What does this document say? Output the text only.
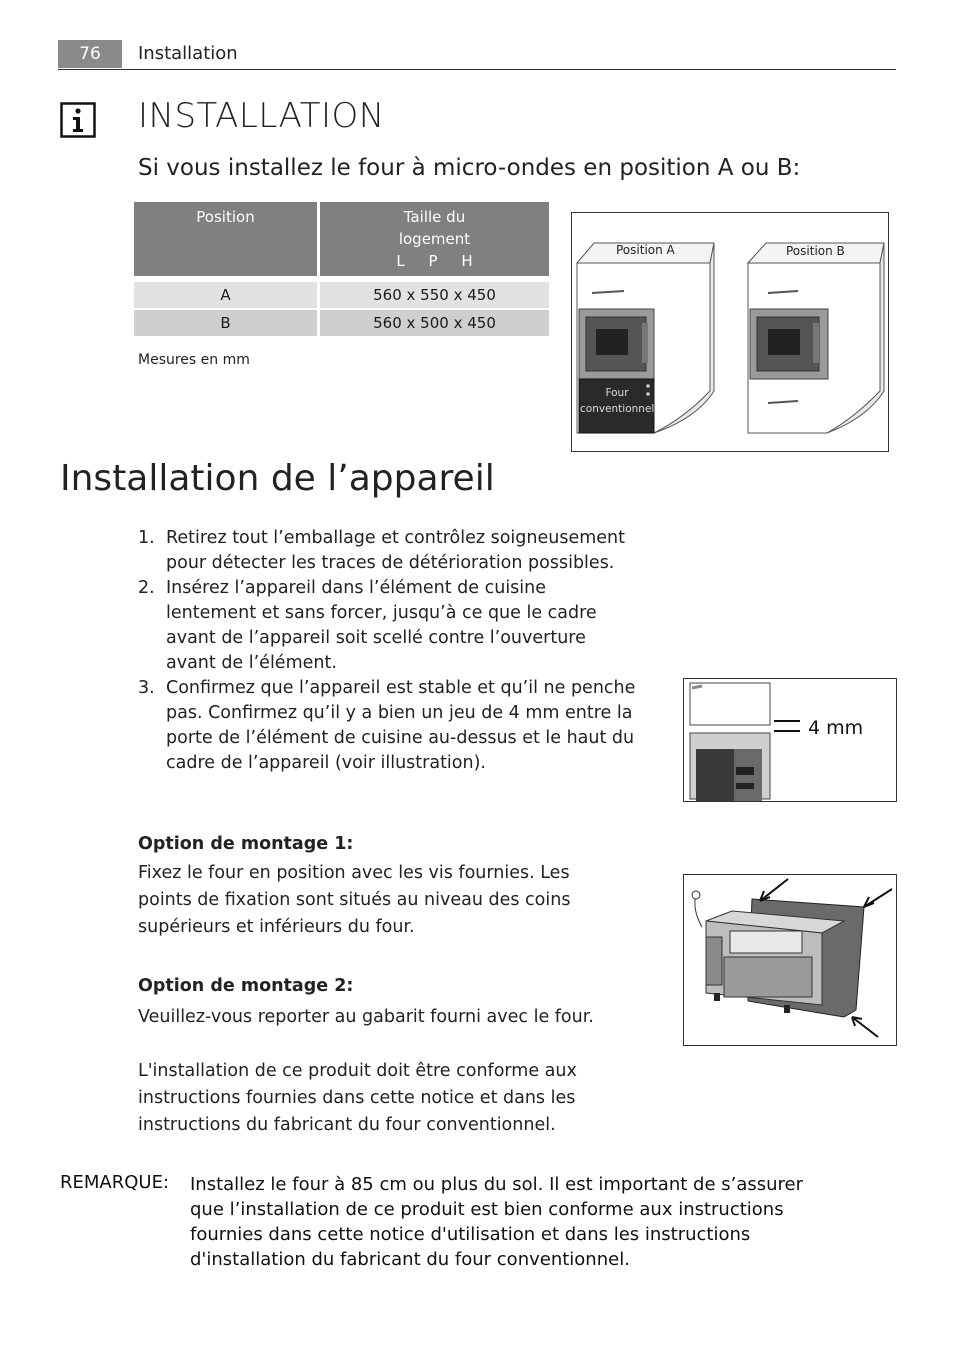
76	Installation
INSTALLATION
Si vous installez le four à micro-ondes en position A ou B:
Position		Taille du
logement
L     P     H

A		560 x 550 x 450

B		560 x 500 x 450
Mesures en mm
Position A	Position B
Four
conventionnel
Installation de l’appareil
1. Retirez tout l’emballage et contrôlez soigneusement pour détecter les traces de détérioration possibles.
2. Insérez l’appareil dans l’élément de cuisine lentement et sans forcer, jusqu’à ce que le cadre avant de l’appareil soit scellé contre l’ouverture avant de l’élément.
3. Confirmez que l’appareil est stable et qu’il ne penche pas. Confirmez qu’il y a bien un jeu de 4 mm entre la porte de l’élément de cuisine au-dessus et le haut du cadre de l’appareil (voir illustration).
4 mm
Option de montage 1:
Fixez le four en position avec les vis fournies. Les points de fixation sont situés au niveau des coins supérieurs et inférieurs du four.
Option de montage 2:
Veuillez-vous reporter au gabarit fourni avec le four.
L'installation de ce produit doit être conforme aux instructions fournies dans cette notice et dans les instructions du fabricant du four conventionnel.
REMARQUE: Installez le four à 85 cm ou plus du sol. Il est important de s’assurer que l’installation de ce produit est bien conforme aux instructions fournies dans cette notice d'utilisation et dans les instructions d'installation du fabricant du four conventionnel.
